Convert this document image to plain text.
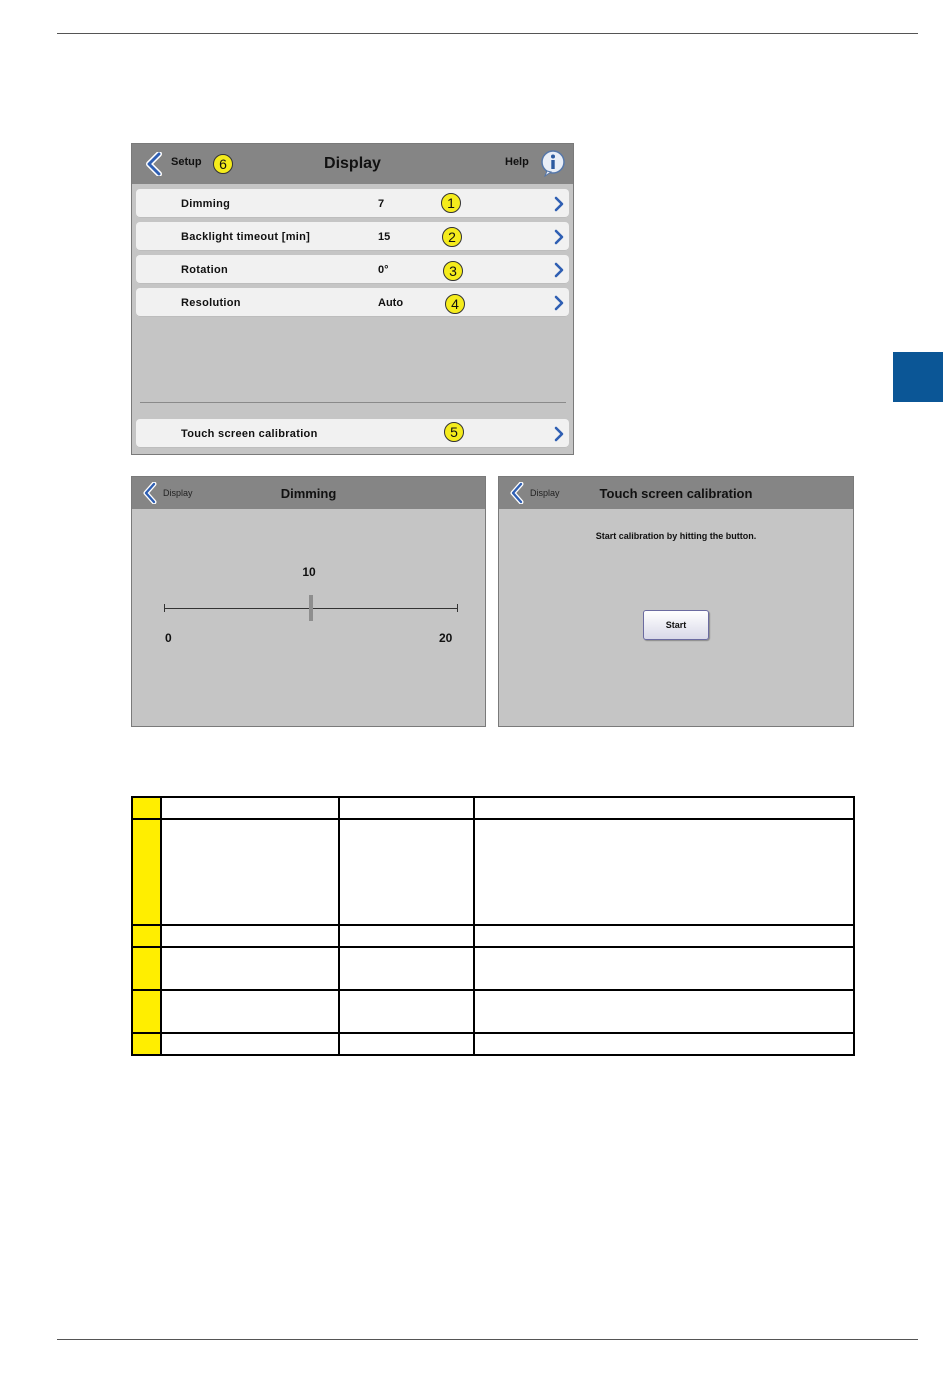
Setup	6	Display	Help
Dimming	7	1
Backlight timeout [min]	15	2
Rotation	0°	3
Resolution	Auto	4
Touch screen calibration	5
Display	Dimming
10
0	20
Display	Touch screen calibration
Start calibration by hitting the button.
Start
